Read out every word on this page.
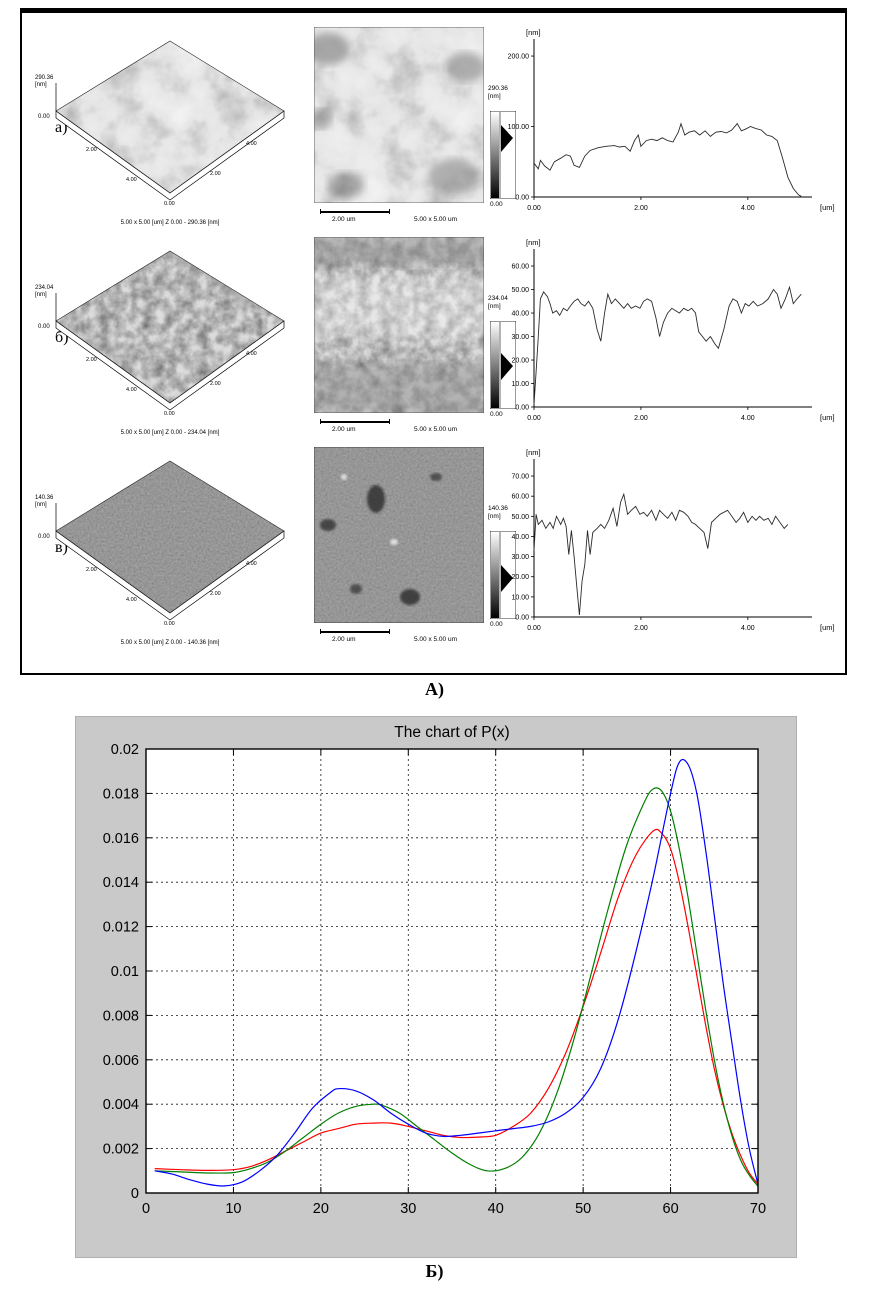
a)
290.36
[nm]
0.00
2.00
4.00
4.00
2.00
0.00
5.00 x 5.00 [um] Z 0.00 - 290.36 [nm]
290.36
[nm]
0.00
2.00 um	5.00 x 5.00 um
[nm]
0.00
100.00
200.00
0.00	2.00	4.00	[um]
б)
234.04
[nm]
0.00
2.00
4.00
4.00
2.00
0.00
5.00 x 5.00 [um] Z 0.00 - 234.04 [nm]
234.04
[nm]
0.00
2.00 um	5.00 x 5.00 um
[nm]
0.00
10.00
20.00
30.00
40.00
50.00
60.00
0.00	2.00	4.00	[um]
в)
140.36
[nm]
0.00
2.00
4.00
4.00
2.00
0.00
5.00 x 5.00 [um] Z 0.00 - 140.36 [nm]
140.36
[nm]
0.00
2.00 um	5.00 x 5.00 um
[nm]
0.00
10.00
20.00
30.00
40.00
50.00
60.00
70.00
0.00	2.00	4.00	[um]
А)
0	10	20	30	40	50	60	70
0
0.002
0.004
0.006
0.008
0.01
0.012
0.014
0.016
0.018
0.02
The chart of P(x)
Б)
